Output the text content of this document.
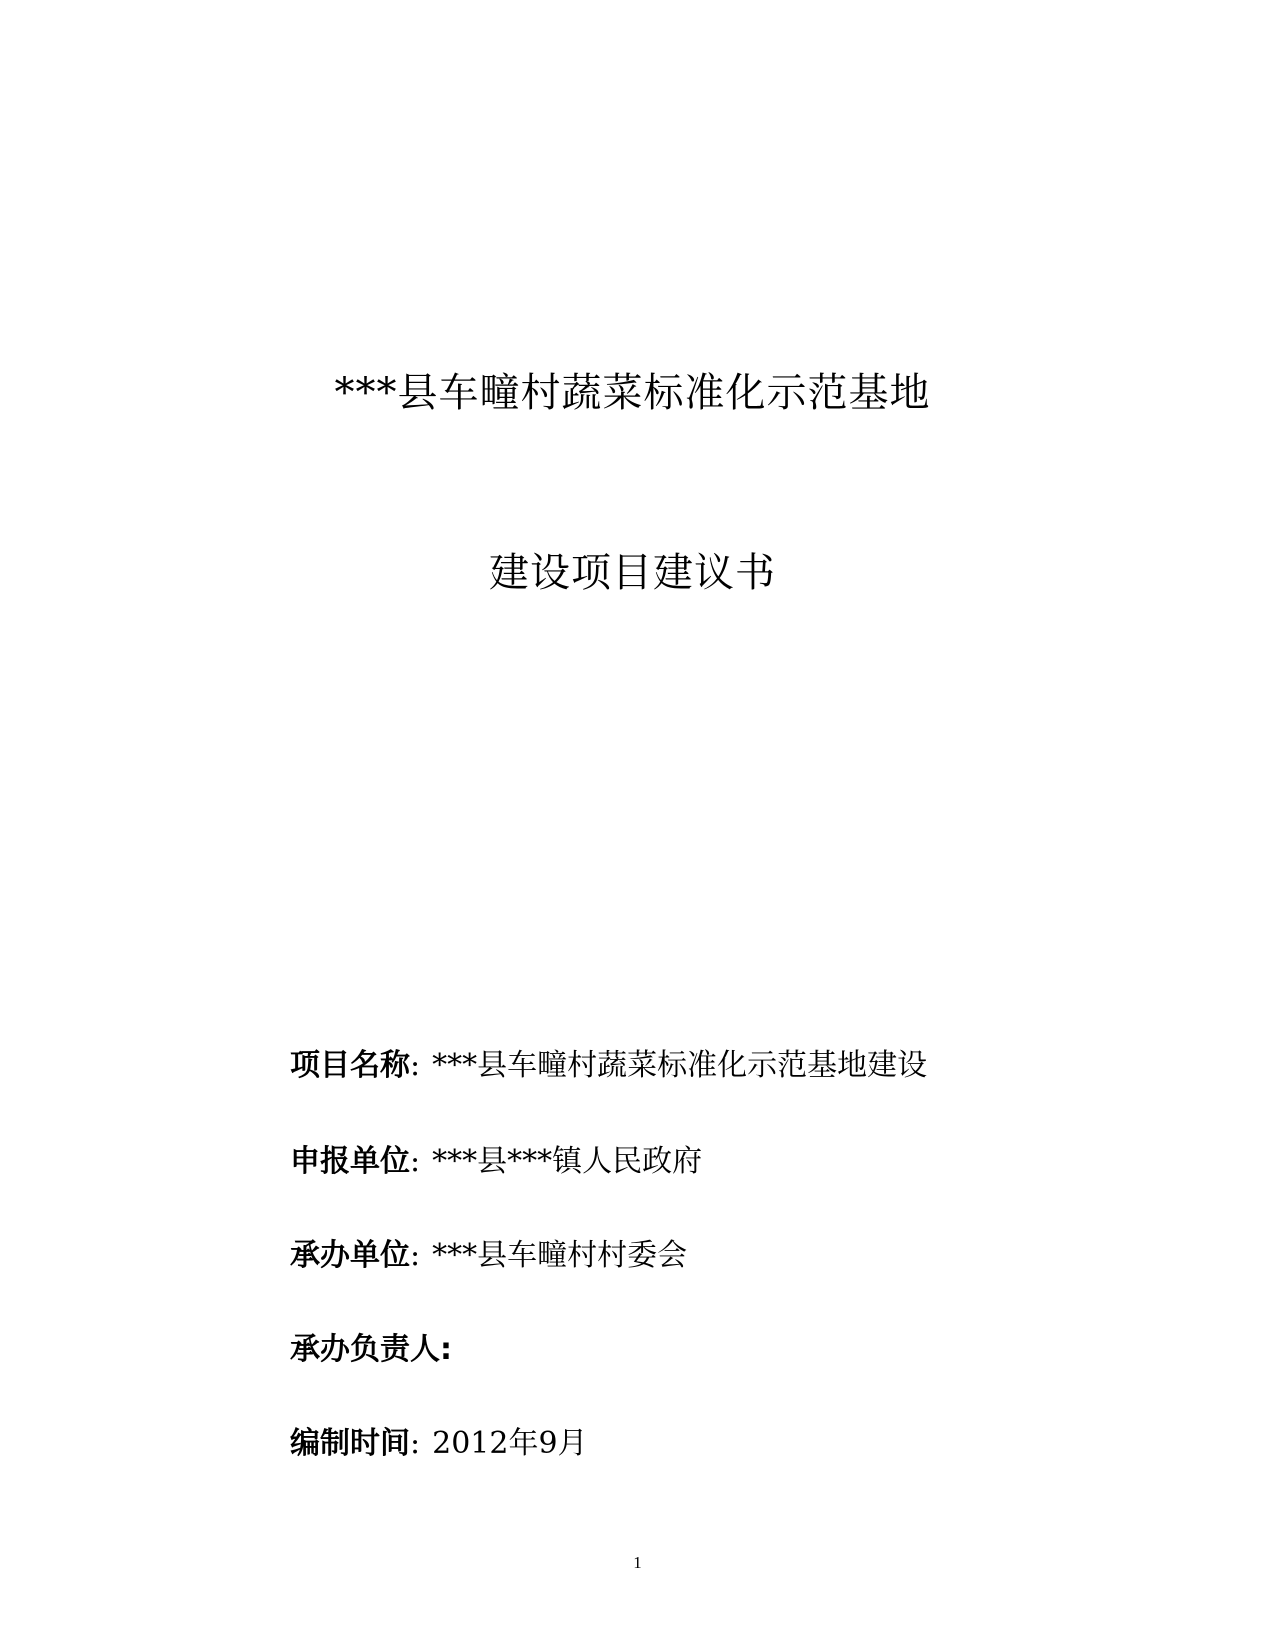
***县车疃村蔬菜标准化示范基地
建设项目建议书
项目名称: ***县车疃村蔬菜标准化示范基地建设
申报单位: ***县***镇人民政府
承办单位: ***县车疃村村委会
承办负责人:
编制时间: 2012年9月
1
